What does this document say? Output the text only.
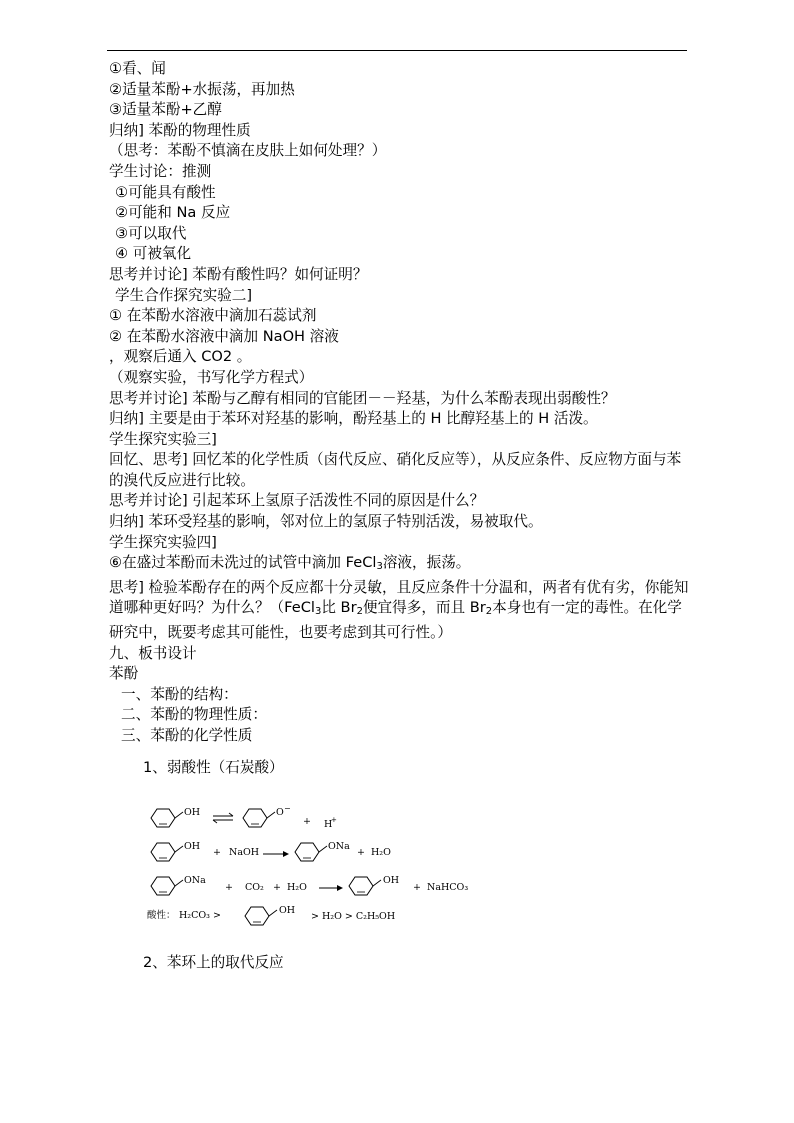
①看、闻
②适量苯酚+水振荡，再加热
③适量苯酚+乙醇
归纳] 苯酚的物理性质
（思考：苯酚不慎滴在皮肤上如何处理？）
学生讨论：推测
①可能具有酸性
②可能和 Na 反应
③可以取代
④ 可被氧化
思考并讨论] 苯酚有酸性吗？如何证明？
学生合作探究实验二]
① 在苯酚水溶液中滴加石蕊试剂
② 在苯酚水溶液中滴加 NaOH 溶液
，观察后通入 CO2 。
（观察实验，书写化学方程式）
思考并讨论] 苯酚与乙醇有相同的官能团－－羟基，为什么苯酚表现出弱酸性？
归纳] 主要是由于苯环对羟基的影响，酚羟基上的 H 比醇羟基上的 H 活泼。
学生探究实验三]
回忆、思考] 回忆苯的化学性质（卤代反应、硝化反应等），从反应条件、反应物方面与苯的溴代反应进行比较。
思考并讨论] 引起苯环上氢原子活泼性不同的原因是什么？
归纳] 苯环受羟基的影响，邻对位上的氢原子特别活泼，易被取代。
学生探究实验四]
⑥在盛过苯酚而未洗过的试管中滴加 FeCl$_3$溶液，振荡。
思考] 检验苯酚存在的两个反应都十分灵敏，且反应条件十分温和，两者有优有劣，你能知道哪种更好吗？为什么？（FeCl$_3$比 $Br_2$便宜得多，而且 $Br_2$本身也有一定的毒性。在化学研究中，既要考虑其可能性，也要考虑到其可行性。）
九、板书设计
苯酚
一、苯酚的结构：
二、苯酚的物理性质：
三、苯酚的化学性质
1、弱酸性（石炭酸）
OH	O −
+ H
+
OH
+ NaOH
ONa
+ H₂O
ONa
+ CO₂ + H₂O
OH
+ NaHCO₃
酸性： H₂CO₃ >	OH
> H₂O > C₂H₅OH
2、苯环上的取代反应
